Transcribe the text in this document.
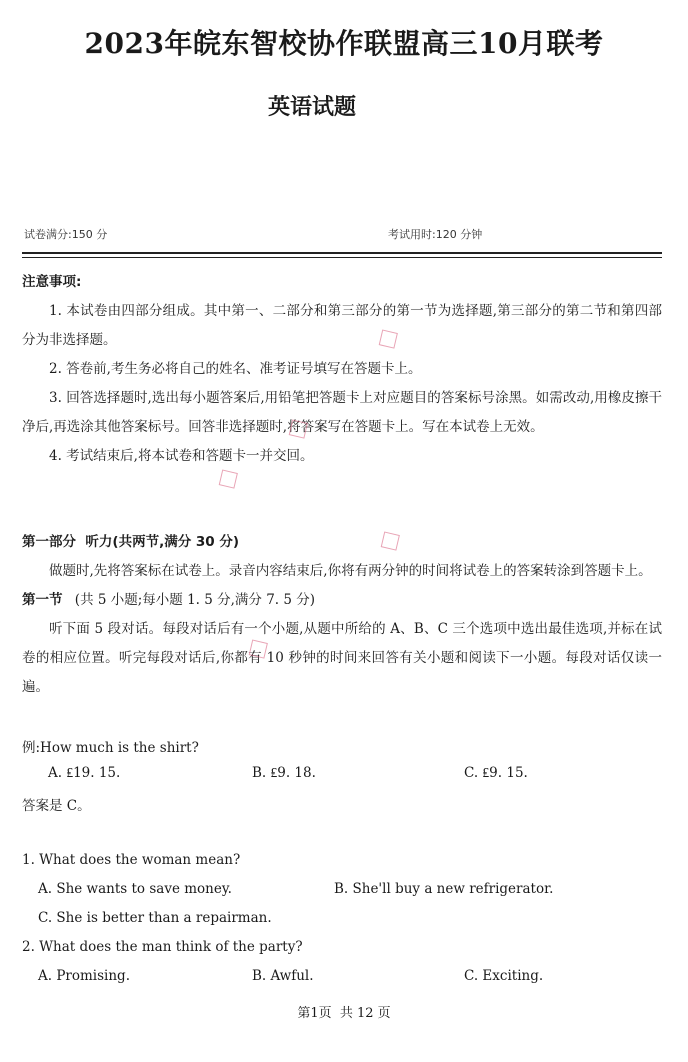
2023年皖东智校协作联盟高三10月联考
英语试题
试卷满分:150 分	考试用时:120 分钟
注意事项:

1. 本试卷由四部分组成。其中第一、二部分和第三部分的第一节为选择题,第三部分的第二节和第四部分为非选择题。

2. 答卷前,考生务必将自己的姓名、准考证号填写在答题卡上。

3. 回答选择题时,选出每小题答案后,用铅笔把答题卡上对应题目的答案标号涂黑。如需改动,用橡皮擦干净后,再选涂其他答案标号。回答非选择题时,将答案写在答题卡上。写在本试卷上无效。

4. 考试结束后,将本试卷和答题卡一并交回。

第一部分  听力(共两节,满分 30 分)

做题时,先将答案标在试卷上。录音内容结束后,你将有两分钟的时间将试卷上的答案转涂到答题卡上。

第一节 (共 5 小题;每小题 1. 5 分,满分 7. 5 分)

听下面 5 段对话。每段对话后有一个小题,从题中所给的 A、B、C 三个选项中选出最佳选项,并标在试卷的相应位置。听完每段对话后,你都有 10 秒钟的时间来回答有关小题和阅读下一小题。每段对话仅读一遍。

例:How much is the shirt?
A. ₤19. 15.	B. ₤9. 18.	C. ₤9. 15.
答案是 C。
1. What does the woman mean?
A. She wants to save money.	B. She'll buy a new refrigerator.
C. She is better than a repairman.
2. What does the man think of the party?
A. Promising.	B. Awful.	C. Exciting.
第1页  共 12 页
